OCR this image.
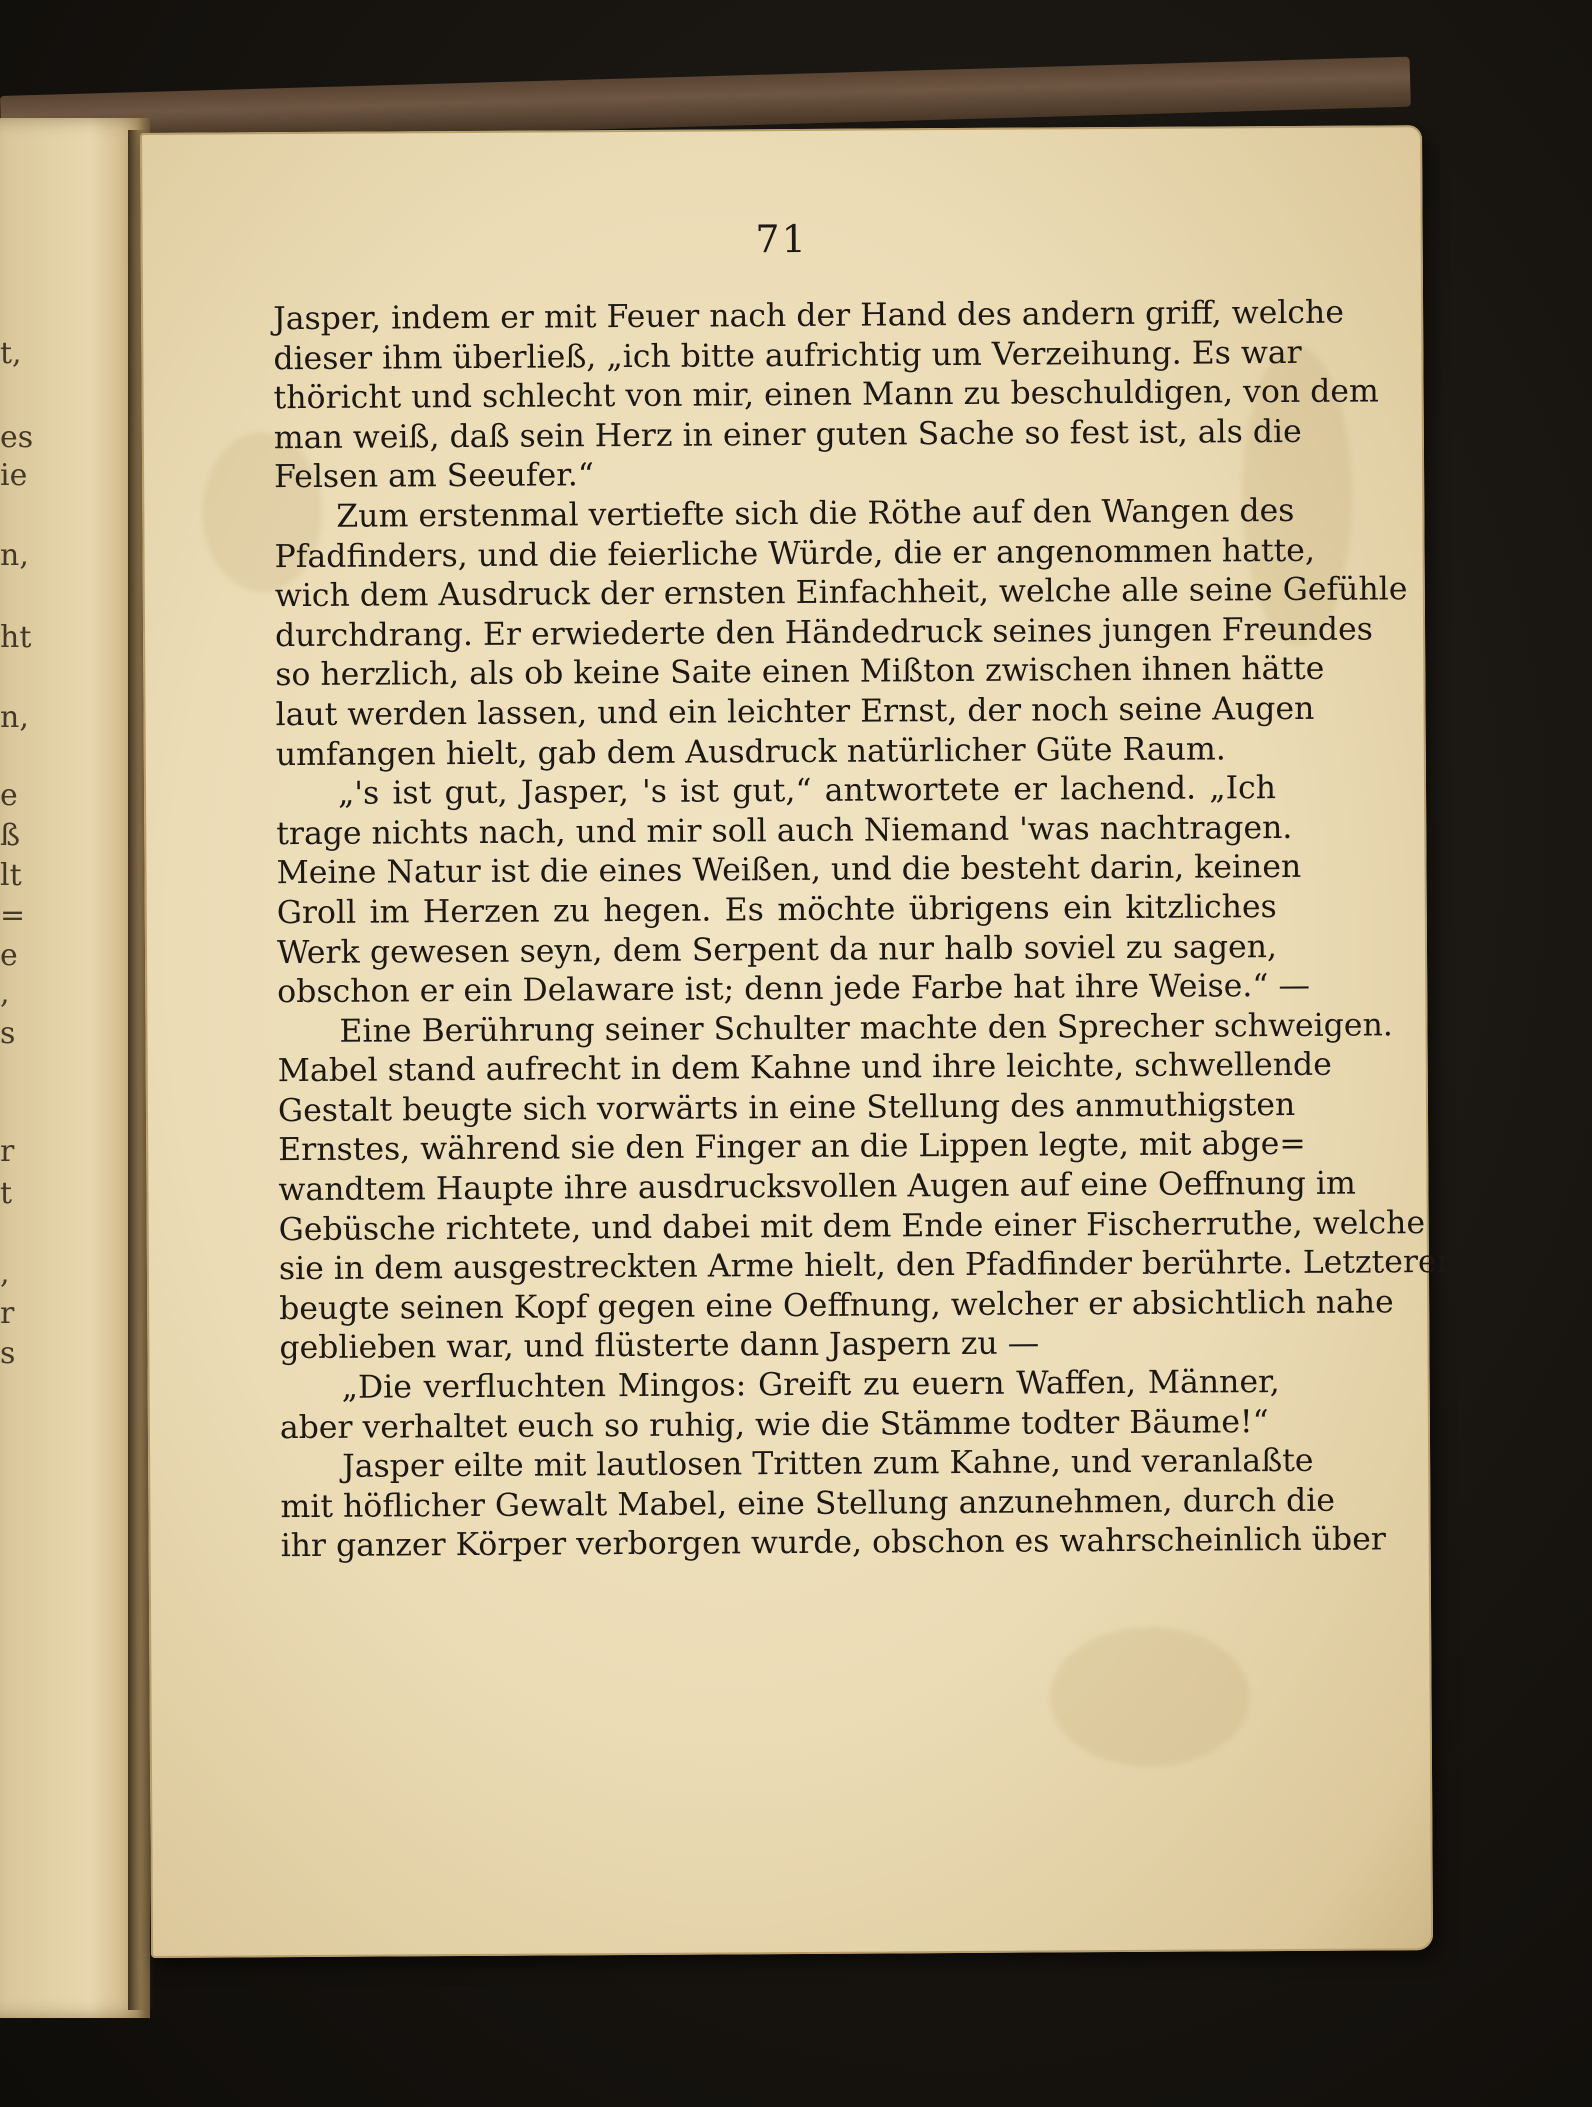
t,
es
ie
n,
ht
n,
e
ß
lt
=
e
,
s
r
t
,
r
s
71
Jasper, indem er mit Feuer nach der Hand des andern griff, welche
dieser ihm überließ, „ich bitte aufrichtig um Verzeihung. Es war
thöricht und schlecht von mir, einen Mann zu beschuldigen, von dem
man weiß, daß sein Herz in einer guten Sache so fest ist, als die
Felsen am Seeufer.“
Zum erstenmal vertiefte sich die Röthe auf den Wangen des
Pfadfinders, und die feierliche Würde, die er angenommen hatte,
wich dem Ausdruck der ernsten Einfachheit, welche alle seine Gefühle
durchdrang. Er erwiederte den Händedruck seines jungen Freundes
so herzlich, als ob keine Saite einen Mißton zwischen ihnen hätte
laut werden lassen, und ein leichter Ernst, der noch seine Augen
umfangen hielt, gab dem Ausdruck natürlicher Güte Raum.
„'s ist gut, Jasper, 's ist gut,“ antwortete er lachend. „Ich
trage nichts nach, und mir soll auch Niemand 'was nachtragen.
Meine Natur ist die eines Weißen, und die besteht darin, keinen
Groll im Herzen zu hegen. Es möchte übrigens ein kitzliches
Werk gewesen seyn, dem Serpent da nur halb soviel zu sagen,
obschon er ein Delaware ist; denn jede Farbe hat ihre Weise.“ —
Eine Berührung seiner Schulter machte den Sprecher schweigen.
Mabel stand aufrecht in dem Kahne und ihre leichte, schwellende
Gestalt beugte sich vorwärts in eine Stellung des anmuthigsten
Ernstes, während sie den Finger an die Lippen legte, mit abge=
wandtem Haupte ihre ausdrucksvollen Augen auf eine Oeffnung im
Gebüsche richtete, und dabei mit dem Ende einer Fischerruthe, welche
sie in dem ausgestreckten Arme hielt, den Pfadfinder berührte. Letzterer
beugte seinen Kopf gegen eine Oeffnung, welcher er absichtlich nahe
geblieben war, und flüsterte dann Jaspern zu —
„Die verfluchten Mingos: Greift zu euern Waffen, Männer,
aber verhaltet euch so ruhig, wie die Stämme todter Bäume!“
Jasper eilte mit lautlosen Tritten zum Kahne, und veranlaßte
mit höflicher Gewalt Mabel, eine Stellung anzunehmen, durch die
ihr ganzer Körper verborgen wurde, obschon es wahrscheinlich über
